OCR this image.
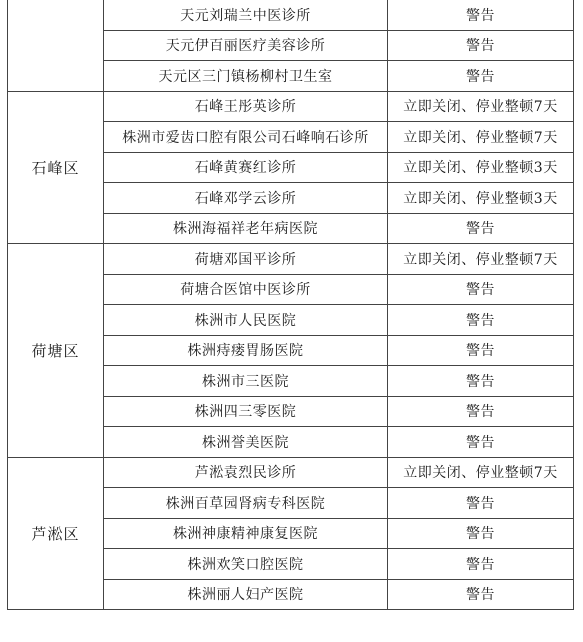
	天元刘瑞兰中医诊所	警告
	天元伊百丽医疗美容诊所	警告
	天元区三门镇杨柳村卫生室	警告
石峰区	石峰王彤英诊所	立即关闭、停业整顿7天
	株洲市爱齿口腔有限公司石峰响石诊所	立即关闭、停业整顿7天
	石峰黄赛红诊所	立即关闭、停业整顿3天
	石峰邓学云诊所	立即关闭、停业整顿3天
	株洲海福祥老年病医院	警告
荷塘区	荷塘邓国平诊所	立即关闭、停业整顿7天
	荷塘合医馆中医诊所	警告
	株洲市人民医院	警告
	株洲痔瘘胃肠医院	警告
	株洲市三医院	警告
	株洲四三零医院	警告
	株洲誉美医院	警告
芦淞区	芦淞袁烈民诊所	立即关闭、停业整顿7天
	株洲百草园肾病专科医院	警告
	株洲神康精神康复医院	警告
	株洲欢笑口腔医院	警告
	株洲丽人妇产医院	警告
